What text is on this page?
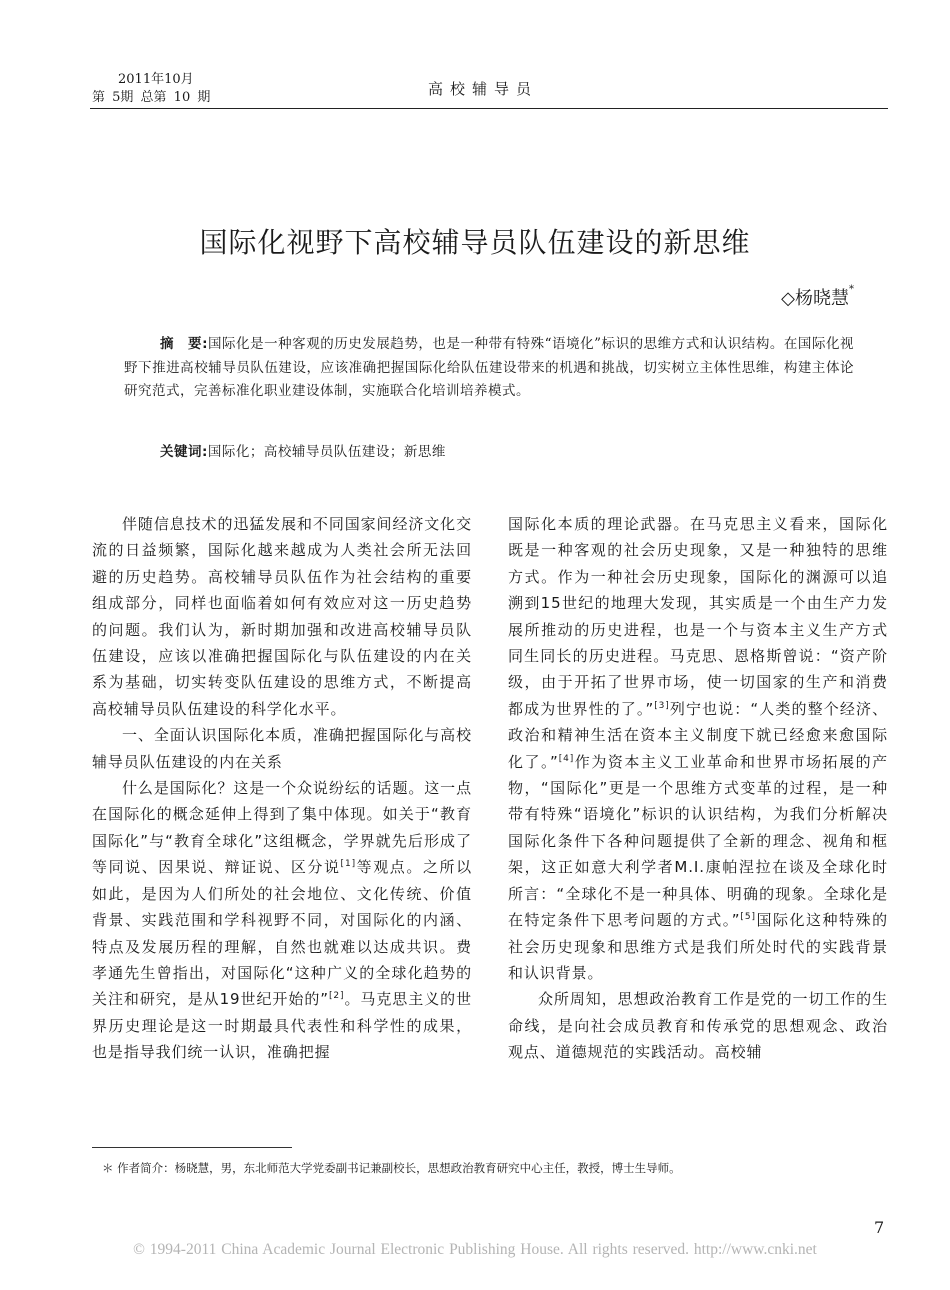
2011年10月
第 5期 总第 10 期	高校辅导员
国际化视野下高校辅导员队伍建设的新思维
◇杨晓慧*
摘　要:国际化是一种客观的历史发展趋势，也是一种带有特殊“语境化”标识的思维方式和认识结构。在国际化视野下推进高校辅导员队伍建设，应该准确把握国际化给队伍建设带来的机遇和挑战，切实树立主体性思维，构建主体论研究范式，完善标准化职业建设体制，实施联合化培训培养模式。
关键词:国际化；高校辅导员队伍建设；新思维

伴随信息技术的迅猛发展和不同国家间经济文化交流的日益频繁，国际化越来越成为人类社会所无法回避的历史趋势。高校辅导员队伍作为社会结构的重要组成部分，同样也面临着如何有效应对这一历史趋势的问题。我们认为，新时期加强和改进高校辅导员队伍建设，应该以准确把握国际化与队伍建设的内在关系为基础，切实转变队伍建设的思维方式，不断提高高校辅导员队伍建设的科学化水平。

一、全面认识国际化本质，准确把握国际化与高校辅导员队伍建设的内在关系

什么是国际化？这是一个众说纷纭的话题。这一点在国际化的概念延伸上得到了集中体现。如关于“教育国际化”与“教育全球化”这组概念，学界就先后形成了等同说、因果说、辩证说、区分说[1]等观点。之所以如此，是因为人们所处的社会地位、文化传统、价值背景、实践范围和学科视野不同，对国际化的内涵、特点及发展历程的理解，自然也就难以达成共识。费孝通先生曾指出，对国际化“这种广义的全球化趋势的关注和研究，是从19世纪开始的”[2]。马克思主义的世界历史理论是这一时期最具代表性和科学性的成果，也是指导我们统一认识，准确把握

国际化本质的理论武器。在马克思主义看来，国际化既是一种客观的社会历史现象，又是一种独特的思维方式。作为一种社会历史现象，国际化的渊源可以追溯到15世纪的地理大发现，其实质是一个由生产力发展所推动的历史进程，也是一个与资本主义生产方式同生同长的历史进程。马克思、恩格斯曾说：“资产阶级，由于开拓了世界市场，使一切国家的生产和消费都成为世界性的了。”[3]列宁也说：“人类的整个经济、政治和精神生活在资本主义制度下就已经愈来愈国际化了。”[4]作为资本主义工业革命和世界市场拓展的产物，“国际化”更是一个思维方式变革的过程，是一种带有特殊“语境化”标识的认识结构，为我们分析解决国际化条件下各种问题提供了全新的理念、视角和框架，这正如意大利学者M.I.康帕涅拉在谈及全球化时所言：“全球化不是一种具体、明确的现象。全球化是在特定条件下思考问题的方式。”[5]国际化这种特殊的社会历史现象和思维方式是我们所处时代的实践背景和认识背景。

众所周知，思想政治教育工作是党的一切工作的生命线，是向社会成员教育和传承党的思想观念、政治观点、道德规范的实践活动。高校辅

＊ 作者简介：杨晓慧，男，东北师范大学党委副书记兼副校长，思想政治教育研究中心主任，教授，博士生导师。
7
© 1994-2011 China Academic Journal Electronic Publishing House. All rights reserved. http://www.cnki.net
